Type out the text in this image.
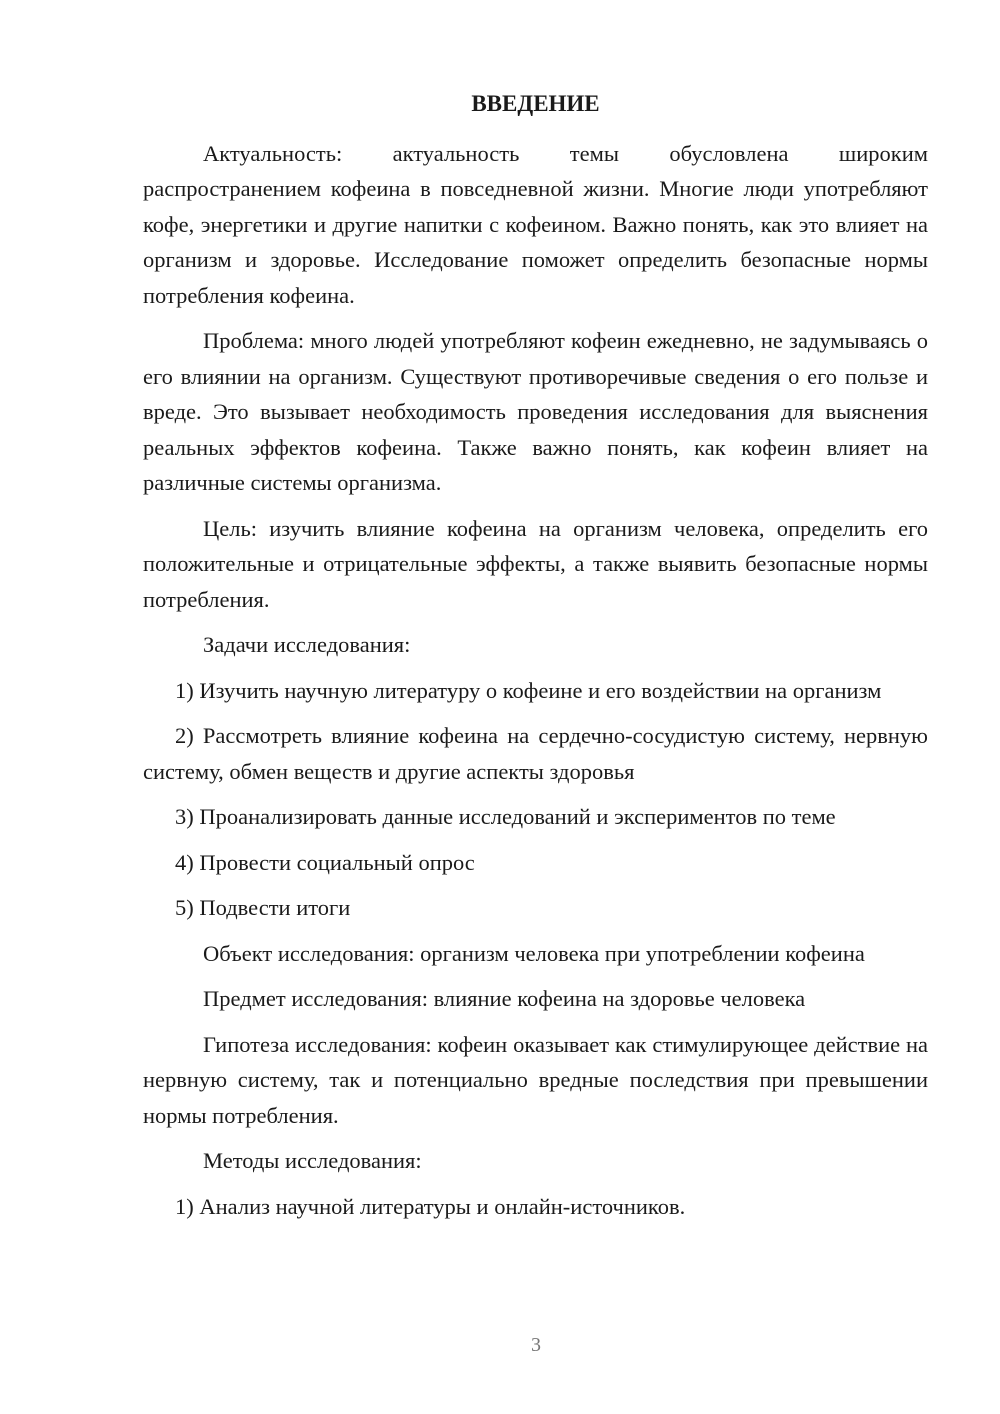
ВВЕДЕНИЕ

Актуальность: актуальность темы обусловлена широким распространением кофеина в повседневной жизни. Многие люди употребляют кофе, энергетики и другие напитки с кофеином. Важно понять, как это влияет на организм и здоровье. Исследование поможет определить безопасные нормы потребления кофеина.

Проблема: много людей употребляют кофеин ежедневно, не задумываясь о его влиянии на организм. Существуют противоречивые сведения о его пользе и вреде. Это вызывает необходимость проведения исследования для выяснения реальных эффектов кофеина. Также важно понять, как кофеин влияет на различные системы организма.

Цель: изучить влияние кофеина на организм человека, определить его положительные и отрицательные эффекты, а также выявить безопасные нормы потребления.

Задачи исследования:

1) Изучить научную литературу о кофеине и его воздействии на организм

2) Рассмотреть влияние кофеина на сердечно-сосудистую систему, нервную систему, обмен веществ и другие аспекты здоровья

3) Проанализировать данные исследований и экспериментов по теме

4) Провести социальный опрос

5) Подвести итоги

Объект исследования: организм человека при употреблении кофеина

Предмет исследования: влияние кофеина на здоровье человека

Гипотеза исследования: кофеин оказывает как стимулирующее действие на нервную систему, так и потенциально вредные последствия при превышении нормы потребления.

Методы исследования:

1) Анализ научной литературы и онлайн-источников.

3
